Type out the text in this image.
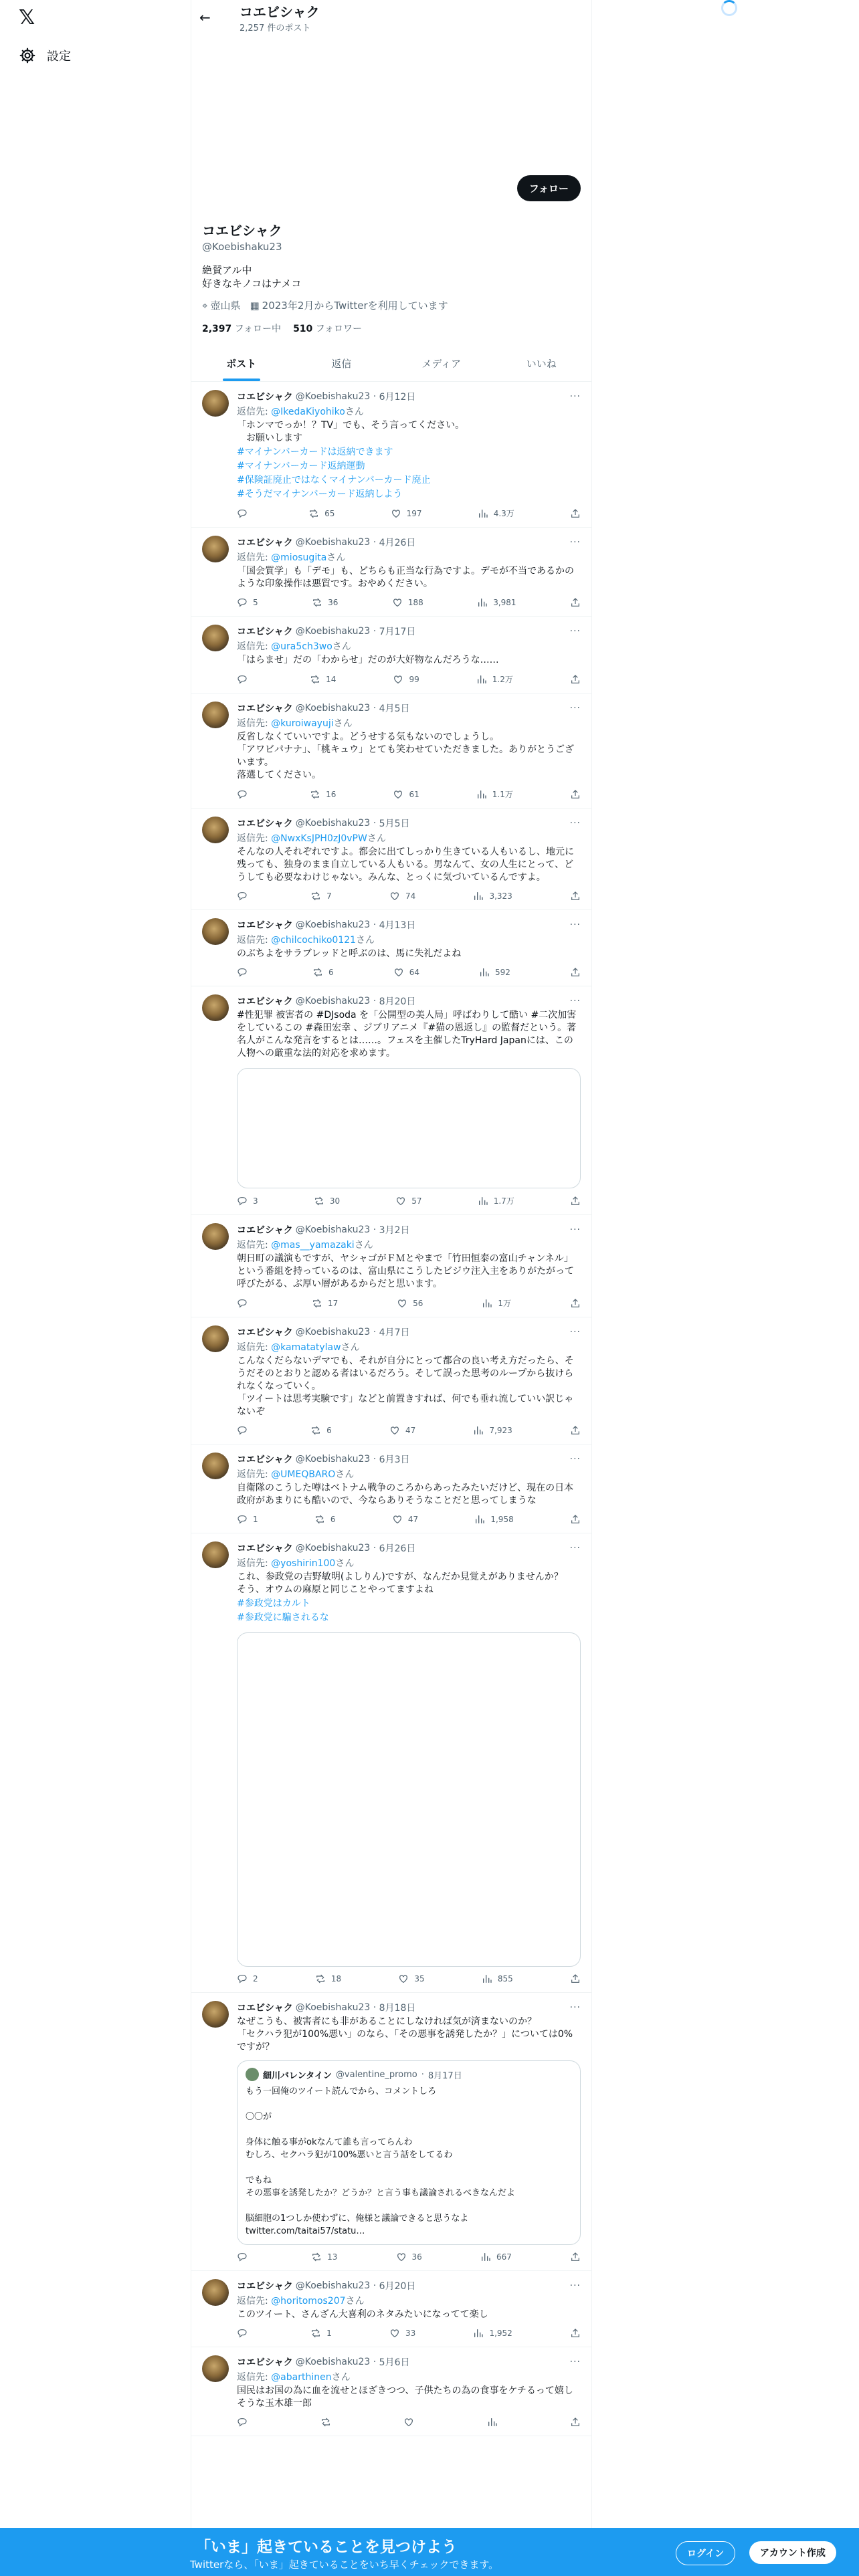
𝕏
設定
← コエビシャク
2,257 件のポスト
フォロー
コエビシャク
@Koebishaku23
絶賛アル中
好きなキノコはナメコ
⌖ 壺山県 ▦ 2023年2月からTwitterを利用しています
2,397 フォロー中 510 フォロワー
ポスト	返信	メディア	いいね
コエビシャク @Koebishaku23 · 6月12日	···
返信先: @IkedaKiyohikoさん
「ホンマでっか！？TV」でも、そう言ってください。
　お願いします
#マイナンバーカードは返納できます
#マイナンバーカード返納運動
#保険証廃止ではなくマイナンバーカード廃止
#そうだマイナンバーカード返納しよう
65	197	4.3万
コエビシャク @Koebishaku23 · 4月26日	···
返信先: @miosugitaさん
「国会質学」も「デモ」も、どちらも正当な行為ですよ。デモが不当であるかのような印象操作は悪質です。おやめください。
5	36	188	3,981
コエビシャク @Koebishaku23 · 7月17日	···
返信先: @ura5ch3woさん
「はらませ」だの「わからせ」だのが大好物なんだろうな……
14	99	1.2万
コエビシャク @Koebishaku23 · 4月5日	···
返信先: @kuroiwayujiさん
反省しなくていいですよ。どうせする気もないのでしょうし。
「アワビパナナ」、「桃キュウ」とても笑わせていただきました。ありがとうございます。
落選してください。
16	61	1.1万
コエビシャク @Koebishaku23 · 5月5日	···
返信先: @NwxKsJPH0zJ0vPWさん
そんなの人それぞれですよ。都会に出てしっかり生きている人もいるし、地元に残っても、独身のまま自立している人もいる。男なんて、女の人生にとって、どうしても必要なわけじゃない。みんな、とっくに気づいているんですよ。
7	74	3,323
コエビシャク @Koebishaku23 · 4月13日	···
返信先: @chilcochiko0121さん
のぶちよをサラブレッドと呼ぶのは、馬に失礼だよね
6	64	592
コエビシャク @Koebishaku23 · 8月20日	···
#性犯罪 被害者の #DJsoda を「公開型の美人局」呼ばわりして酷い #二次加害 をしているこの #森田宏幸 、ジブリアニメ『#猫の恩返し』の監督だという。著名人がこんな発言をするとは……。フェスを主催したTryHard Japanには、この人物への厳重な法的対応を求めます。
3	30	57	1.7万
コエビシャク @Koebishaku23 · 3月2日	···
返信先: @mas__yamazakiさん
朝日町の議演もですが、ヤシャゴがＦＭとやまで「竹田恒泰の富山チャンネル」という番組を持っているのは、富山県にこうしたビジウ注入主をありがたがって呼びたがる、ぶ厚い層があるからだと思います。
17	56	1万
コエビシャク @Koebishaku23 · 4月7日	···
返信先: @kamatatylawさん
こんなくだらないデマでも、それが自分にとって都合の良い考え方だったら、そうだそのとおりと認める者はいるだろう。そして誤った思考のループから抜けられなくなっていく。
「ツイートは思考実験です」などと前置きすれば、何でも垂れ流していい訳じゃないぞ
6	47	7,923
コエビシャク @Koebishaku23 · 6月3日	···
返信先: @UMEQBAROさん
自衛隊のこうした噂はベトナム戦争のころからあったみたいだけど、現在の日本政府があまりにも酷いので、今ならありそうなことだと思ってしまうな
1	6	47	1,958
コエビシャク @Koebishaku23 · 6月26日	···
返信先: @yoshirin100さん
これ、参政党の吉野敏明(よしりん)ですが、なんだか見覚えがありませんか？　そう、オウムの麻原と同じことやってますよね
#参政党はカルト
#参政党に騙されるな
2	18	35	855
コエビシャク @Koebishaku23 · 8月18日	···
なぜこうも、被害者にも非があることにしなければ気が済まないのか？
「セクハラ犯が100%悪い」のなら、「その悪事を誘発したか？」については0%ですが？
細川バレンタイン @valentine_promo · 8月17日
もう一回俺のツイート読んでから、コメントしろ

〇〇が

身体に触る事がokなんて誰も言ってらんわ
むしろ、セクハラ犯が100%悪いと言う話をしてるわ

でもね
その悪事を誘発したか？どうか？と言う事も議論されるべきなんだよ

脳細胞の1つしか使わずに、俺様と議論できると思うなよ
twitter.com/taitai57/statu…
13	36	667
コエビシャク @Koebishaku23 · 6月20日	···
返信先: @horitomos207さん
このツイート、さんざん大喜利のネタみたいになってて楽し
1	33	1,952
コエビシャク @Koebishaku23 · 5月6日	···
返信先: @abarthinenさん
国民はお国の為に血を流せとほざきつつ、子供たちの為の食事をケチるって嬉しそうな玉木雄一郎
「いま」起きていることを見つけよう
Twitterなら、「いま」起きていることをいち早くチェックできます。
ログイン	アカウント作成
